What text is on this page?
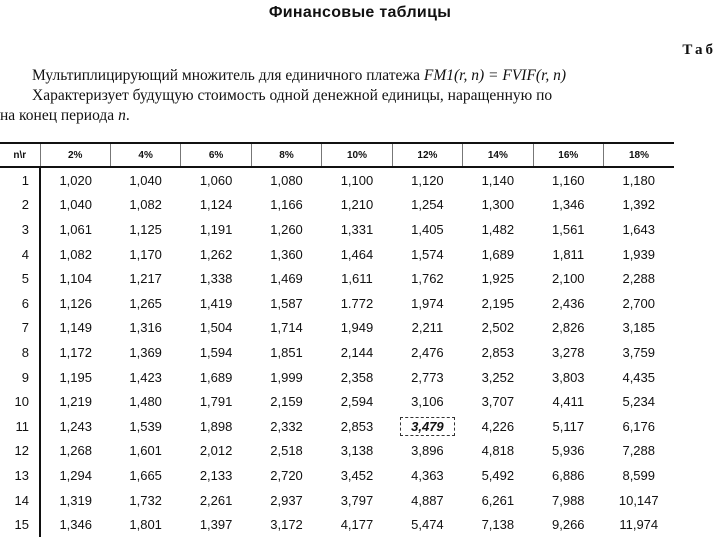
Финансовые таблицы
Таб
Мультиплицирующий множитель для единичного платежа FM1(r, n) = FVIF(r, n)
Характеризует будущую стоимость одной денежной единицы, наращенную по
на конец периода n.
n\r	2%	4%	6%	8%	10%	12%	14%	16%	18%
1	1,020	1,040	1,060	1,080	1,100	1,120	1,140	1,160	1,180
2	1,040	1,082	1,124	1,166	1,210	1,254	1,300	1,346	1,392
3	1,061	1,125	1,191	1,260	1,331	1,405	1,482	1,561	1,643
4	1,082	1,170	1,262	1,360	1,464	1,574	1,689	1,811	1,939
5	1,104	1,217	1,338	1,469	1,611	1,762	1,925	2,100	2,288
6	1,126	1,265	1,419	1,587	1.772	1,974	2,195	2,436	2,700
7	1,149	1,316	1,504	1,714	1,949	2,211	2,502	2,826	3,185
8	1,172	1,369	1,594	1,851	2,144	2,476	2,853	3,278	3,759
9	1,195	1,423	1,689	1,999	2,358	2,773	3,252	3,803	4,435
10	1,219	1,480	1,791	2,159	2,594	3,106	3,707	4,411	5,234
11	1,243	1,539	1,898	2,332	2,853	3,479	4,226	5,117	6,176
12	1,268	1,601	2,012	2,518	3,138	3,896	4,818	5,936	7,288
13	1,294	1,665	2,133	2,720	3,452	4,363	5,492	6,886	8,599
14	1,319	1,732	2,261	2,937	3,797	4,887	6,261	7,988	10,147
15	1,346	1,801	1,397	3,172	4,177	5,474	7,138	9,266	11,974
